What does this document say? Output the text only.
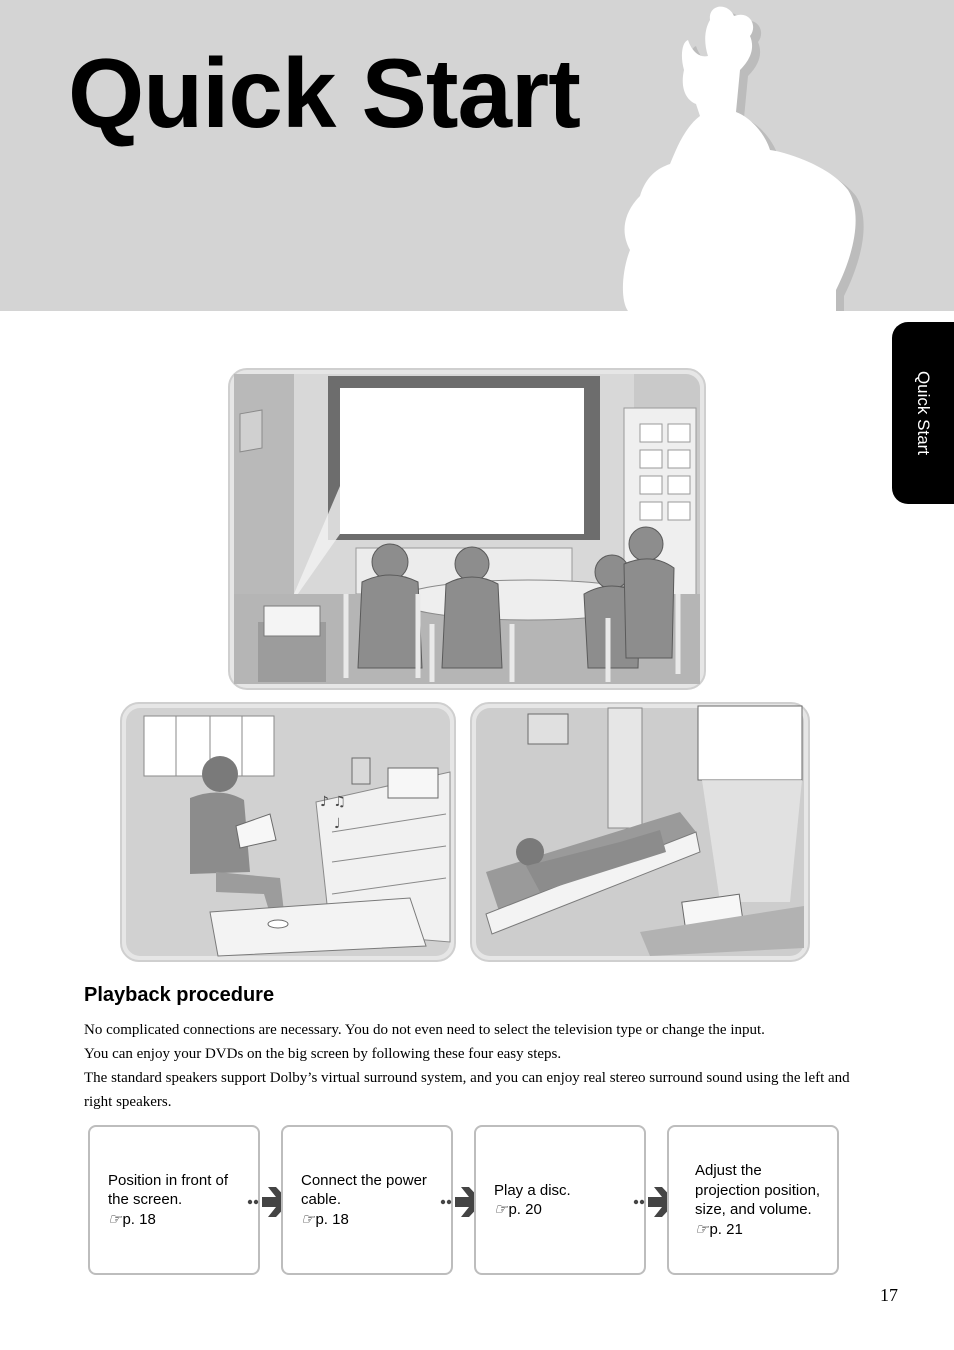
Quick Start
Quick Start
♪ ♫
♩
Playback procedure

No complicated connections are necessary. You do not even need to select the television type or change the input.

You can enjoy your DVDs on the big screen by following these four easy steps.

The standard speakers support Dolby’s virtual surround system, and you can enjoy real stereo surround sound using the left and right speakers.

Position in front of
the screen.
☞p. 18
Connect the power
cable.
☞p. 18
Play a disc.
☞p. 20
Adjust the
projection position,
size, and volume.
☞p. 21
17
